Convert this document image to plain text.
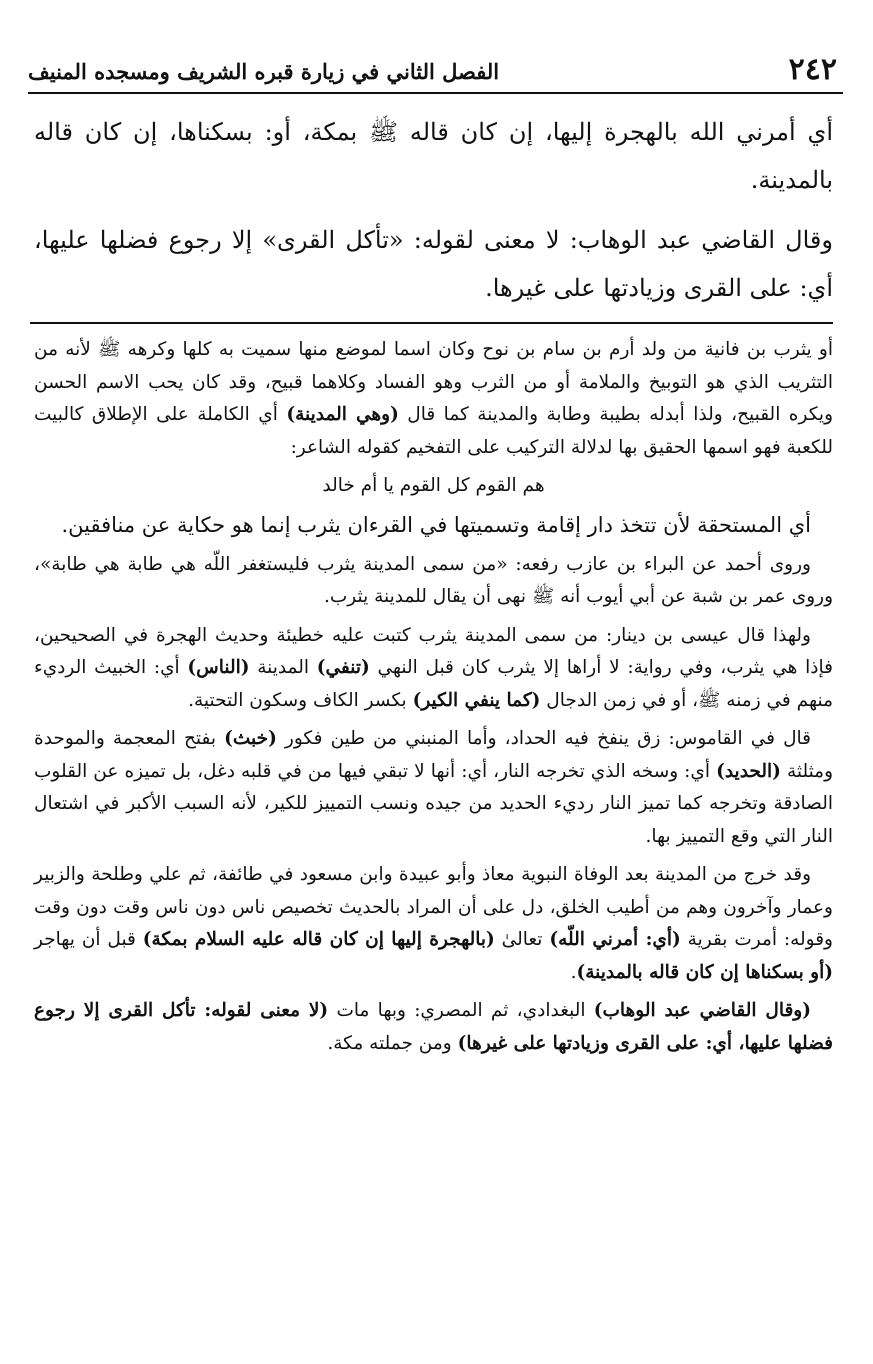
٢٤٢
الفصل الثاني في زيارة قبره الشريف ومسجده المنيف

أي أمرني الله بالهجرة إليها، إن كان قاله ﷺ بمكة، أو: بسكناها، إن كان قاله بالمدينة.

وقال القاضي عبد الوهاب: لا معنى لقوله: «تأكل القرى» إلا رجوع فضلها عليها، أي: على القرى وزيادتها على غيرها.

أو يثرب بن فانية من ولد أرم بن سام بن نوح وكان اسما لموضع منها سميت به كلها وكرهه ﷺ لأنه من التثريب الذي هو التوبيخ والملامة أو من الثرب وهو الفساد وكلاهما قبيح، وقد كان يحب الاسم الحسن ويكره القبيح، ولذا أبدله بطيبة وطابة والمدينة كما قال (وهي المدينة) أي الكاملة على الإطلاق كالبيت للكعبة فهو اسمها الحقيق بها لدلالة التركيب على التفخيم كقوله الشاعر:

هم القوم كل القوم يا أم خالد

أي المستحقة لأن تتخذ دار إقامة وتسميتها في القرءان يثرب إنما هو حكاية عن منافقين.

وروى أحمد عن البراء بن عازب رفعه: «من سمى المدينة يثرب فليستغفر اللّه هي طابة هي طابة»، وروى عمر بن شبة عن أبي أيوب أنه ﷺ نهى أن يقال للمدينة يثرب.

ولهذا قال عيسى بن دينار: من سمى المدينة يثرب كتبت عليه خطيئة وحديث الهجرة في الصحيحين، فإذا هي يثرب، وفي رواية: لا أراها إلا يثرب كان قبل النهي (تنفي) المدينة (الناس) أي: الخبيث الرديء منهم في زمنه ﷺ، أو في زمن الدجال (كما ينفي الكير) بكسر الكاف وسكون التحتية.

قال في القاموس: زق ينفخ فيه الحداد، وأما المنبني من طين فكور (خبث) بفتح المعجمة والموحدة ومثلثة (الحديد) أي: وسخه الذي تخرجه النار، أي: أنها لا تبقي فيها من في قلبه دغل، بل تميزه عن القلوب الصادقة وتخرجه كما تميز النار رديء الحديد من جيده ونسب التمييز للكير، لأنه السبب الأكبر في اشتعال النار التي وقع التمييز بها.

وقد خرج من المدينة بعد الوفاة النبوية معاذ وأبو عبيدة وابن مسعود في طائفة، ثم علي وطلحة والزبير وعمار وآخرون وهم من أطيب الخلق، دل على أن المراد بالحديث تخصيص ناس دون ناس وقت دون وقت وقوله: أمرت بقرية (أي: أمرني اللّه) تعالىٰ (بالهجرة إليها إن كان قاله عليه السلام بمكة) قبل أن يهاجر (أو بسكناها إن كان قاله بالمدينة).

(وقال القاضي عبد الوهاب) البغدادي، ثم المصري: وبها مات (لا معنى لقوله: تأكل القرى إلا رجوع فضلها عليها، أي: على القرى وزيادتها على غيرها) ومن جملته مكة.
